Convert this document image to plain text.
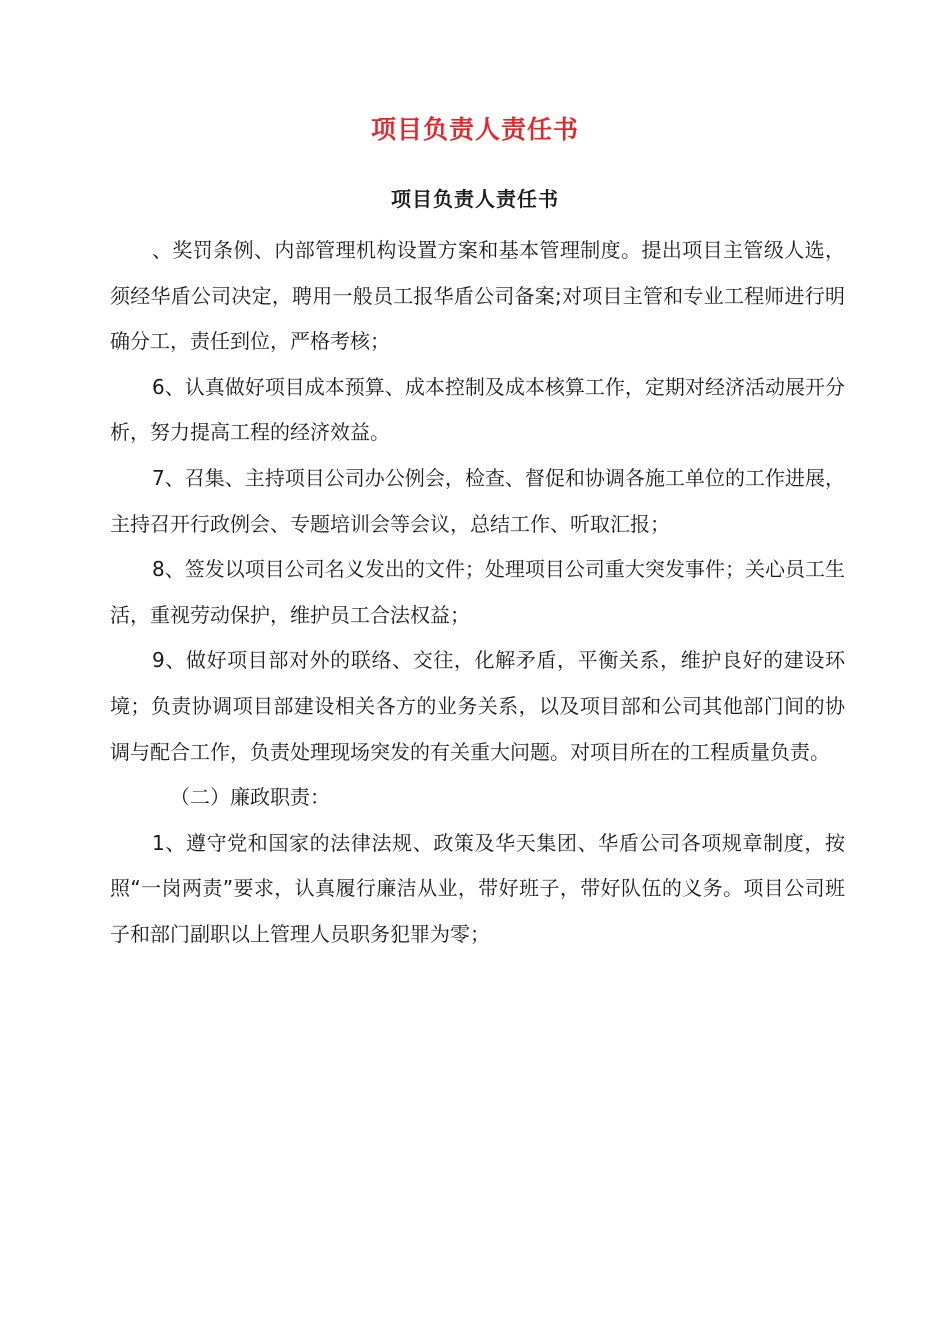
项目负责人责任书
项目负责人责任书

、奖罚条例、内部管理机构设置方案和基本管理制度。提出项目主管级人选，须经华盾公司决定，聘用一般员工报华盾公司备案;对项目主管和专业工程师进行明确分工，责任到位，严格考核；

6、认真做好项目成本预算、成本控制及成本核算工作，定期对经济活动展开分析，努力提高工程的经济效益。

7、召集、主持项目公司办公例会，检查、督促和协调各施工单位的工作进展，主持召开行政例会、专题培训会等会议，总结工作、听取汇报；

8、签发以项目公司名义发出的文件；处理项目公司重大突发事件；关心员工生活，重视劳动保护，维护员工合法权益；

9、做好项目部对外的联络、交往，化解矛盾，平衡关系，维护良好的建设环境；负责协调项目部建设相关各方的业务关系，以及项目部和公司其他部门间的协调与配合工作，负责处理现场突发的有关重大问题。对项目所在的工程质量负责。

（二）廉政职责：

1、遵守党和国家的法律法规、政策及华天集团、华盾公司各项规章制度，按照“一岗两责”要求，认真履行廉洁从业，带好班子，带好队伍的义务。项目公司班子和部门副职以上管理人员职务犯罪为零；
